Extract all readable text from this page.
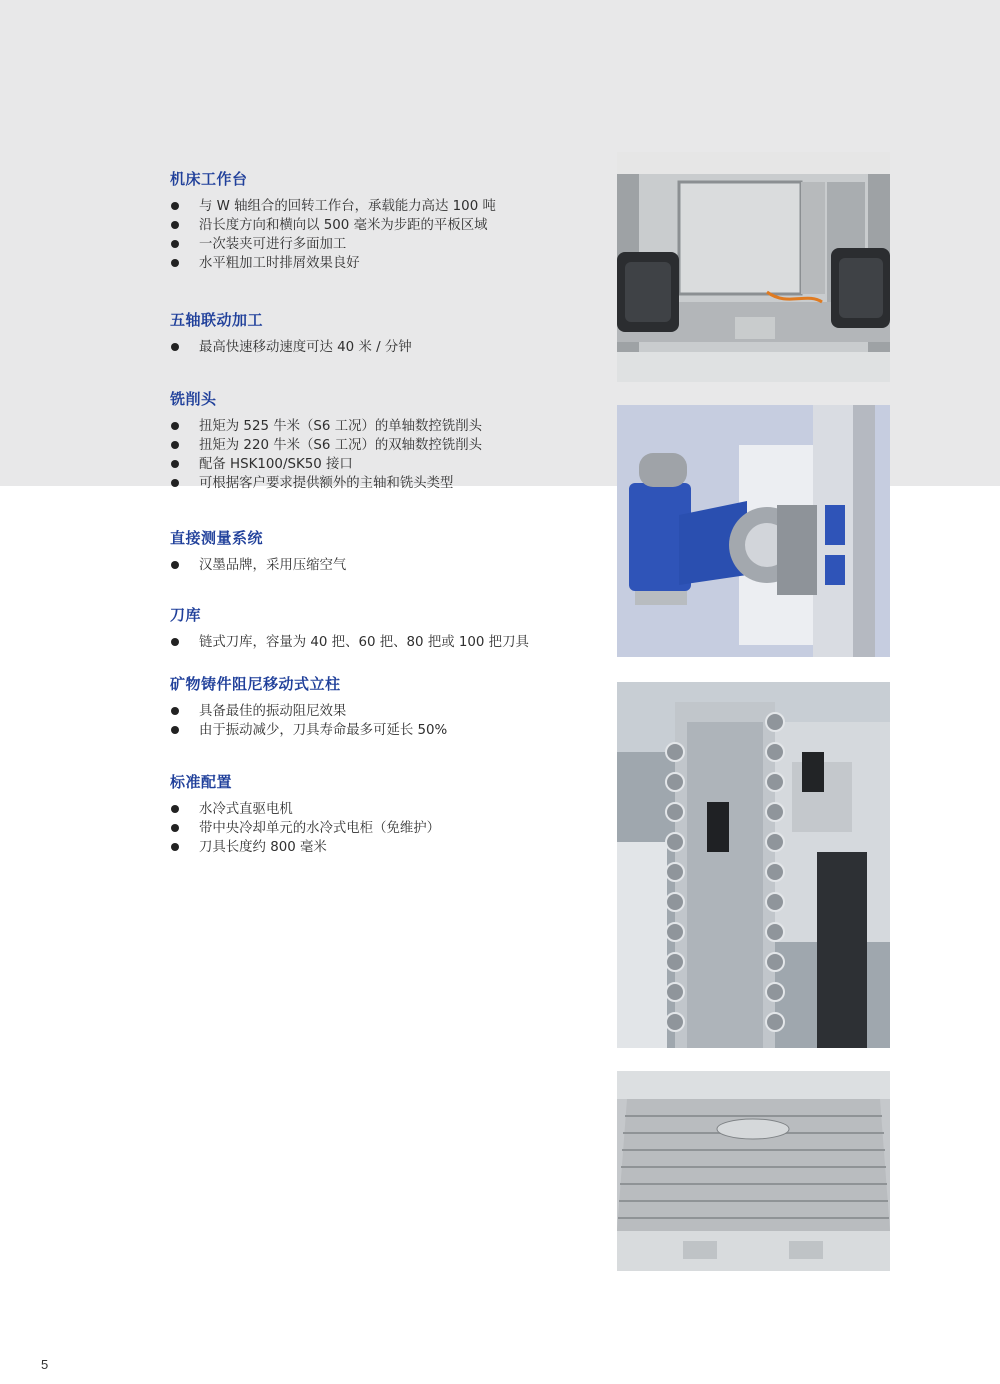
机床工作台
与 W 轴组合的回转工作台，承载能力高达 100 吨
沿长度方向和横向以 500 毫米为步距的平板区域
一次装夹可进行多面加工
水平粗加工时排屑效果良好
五轴联动加工
最高快速移动速度可达 40 米 / 分钟
铣削头
扭矩为 525 牛米（S6 工况）的单轴数控铣削头
扭矩为 220 牛米（S6 工况）的双轴数控铣削头
配备 HSK100/SK50 接口
可根据客户要求提供额外的主轴和铣头类型
直接测量系统
汉墨品牌，采用压缩空气
刀库
链式刀库，容量为 40 把、60 把、80 把或 100 把刀具
矿物铸件阻尼移动式立柱
具备最佳的振动阻尼效果
由于振动减少，刀具寿命最多可延长 50%
标准配置
水冷式直驱电机
带中央冷却单元的水冷式电柜（免维护）
刀具长度约 800 毫米
5
